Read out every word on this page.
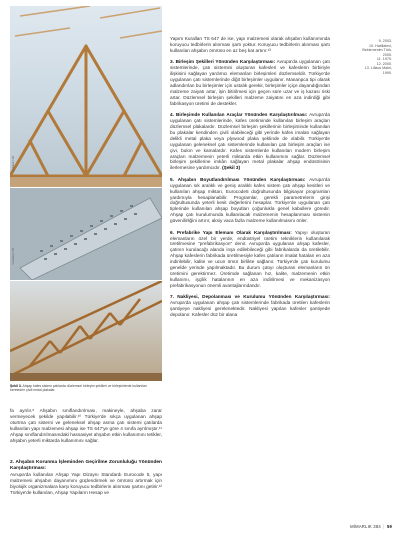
Sonbahar / AB
Sonbahar / AB

Şekil 3. Ahşap kafes sistem çatılarda düzlemsel birleşim şekilleri ve birleşimlerde kullanılan kereteden çivili metal plakalar.

fa ayrılır.⁸ Ahşabın sınıflandırılması, makineyle, ahşaba zarar vermeyecek şekilde yapılabilir.¹⁰ Türkiye'de sıkça uygulanan ahşap oturtma çatı sistemi ve geleneksel ahşap asma çatı sistemi çatılarda kullanılan yapı malzemesi ahşap ise TS 647'ye göre 4 sınıfa ayrılmıştır.¹¹ Ahşap sınıflandırılmasındaki hassasiyet ahşabın etkin kullanımını tetikler, ahşabın yeterli miktarda kullanımını sağlar.

2. Ahşabın Korunma İşleminden Geçirilme Zorunluluğu Yönünden Karşılaştırması:

Avrupa'da kullanılan Ahşap Yapı Dizaynı Standardı Eurocode 5, yapı malzemesi ahşabın dayanımını güçlendirmek ve ömrünü artırmak için biyolojik organizmalara karşı koruyucu tedbirlerin alınması şartını getirir.¹² Türkiye'de kullanılan, Ahşap Yapıların Hesap ve

Yapım Kuralları TS 647 de ise, yapı malzemesi olarak ahşabın kullanımında koruyucu tedbirlerin alınması şartı yoktur. Koruyucu tedbirlerin alınması şartı kullanılan ahşabın ömrünü en az beş kat artırır.¹³

3. Birleşim Şekilleri Yönünden Karşılaştırması: Avrupa'da uygulanan çatı sistemlerinde, çatı sistemini oluşturan kafesleri ve kafeslerin birbiriyle ilişkisini sağlayan yardımcı elemanları birleşimleri düzlemseldir. Türkiye'de uygulanan çatı sistemlerinde diğit birleşimler uygulanır. Mananpca tipi olarak adlandırılan bu birleşimler için ustalık gerekir, birleşimler içiçe dayandığından malzeme zaiyatı artar, işin bitirilmesi için geçen süre uzar ve iş kazası riski artar. Düzlemsel birleşim şekilleri malzeme zaiyatını en aza indirdiği gibi fabrikasyon üretimi de destekler.

4. Birleşimde Kullanılan Araçlar Yönünden Karşılaştırılması: Avrupa'da uygulanan çatı sistemlerinde, kafes üretiminde kullanılan birleşim araçları düzlemsel plakalardır. Düzlemsel birleşim şekillerinin birleşiminde kullanılan bu plakalar kendinden çivili olabileceği gibi yerinde kafes imalatı sağlayan delikli metal plaka veya plywood plaka şeklinde de olabilir. Türkiye'de uygulanan geleneksel çatı sistemlerinde kullanılan çatı birleşim araçları ise çivi, bulon ve kamalardır. Kafes sistemlerde kullanılan modern birleşim araçları malzemenin yeterli miktarda etkin kullanımını sağlar. Düzlemsel birleşim şekillerine imkân sağlayan metal plakalar ahşap endüstrisinin ilerlemesine yardımcıdır. (Şekil 3)

5. Ahşabın Boyutlandırılması Yönünden Karşılaştırması: Avrupa'da uygulanan sık aralıklı ve geniş aralıklı kafes sistem çatı ahşap kesitleri ve kullanılan ahşap miktarı, Eurocode5 doğrultusunda bilgisayar programları yardımıyla hesaplanabilir. Programlar, gerekli parametrelerin girişi doğrultusunda yeterli kesit değerlerini hesaplar. Türkiye'de uygulanan çatı tiplerinde kullanılan ahşap boyutları çoğunlukla genel kabullere göredir. Ahşap çatı kurulumunda kullanılacak malzemenin hesaplanması sistemin güvenilirliğini artırır, aksiy vaca fazla malzeme kullanılmasını önler.

6. Prefabrike Yapı Elemanı Olarak Karşılaştırılması: Yapıyı oluşturan elemanların özel bir yerde, endüstriyel üretim tekniklerin kullanılarak üretilmesine "prefabrikasyon" denir. Avrupa'da uygulanan ahşap kafesler, çatının kurulacağı alanda inşa edilebileceği gibi fabrikalarda da üretilebilir. Ahşap kafeslerin fabrikada üretilmesiyle kafes çatıların imalat hataları en aza indirilebilir, kalite ve ucun ömür birlikte sağlanır. Türkiye'de çatı kurulumu genelde yerinde yapılmaktadır. Bu durum çatıyı oluşturan elemanların ön üretimini gerektirmez. Üretimde sağlanan hız, kalite, malzemenin etkin kullanımı, işçilik hatalarının en aza indirilmesi ve mekanizasyon prefabrikasyonun önemli avantajlarındandır.

7. Nakliyesi, Depolanması ve Kurulumu Yönünden Karşılaştırması: Avrupa'da uygulanan ahşap çatı sistemlerinde fabrikada üretilen kafeslerin şantiyeye nakliyesi gerekmektedir. Nakliyesi yapılan kafesler şantiyede depolanır. Kafesler düz bir alana

9. 2003.
10. Hatillalevi,
Beklemenim Türk,
2005.
11. 1979.
12. 2000.
13. Lillacs Malel,
1990.
MİMARLIK 384 | 59
